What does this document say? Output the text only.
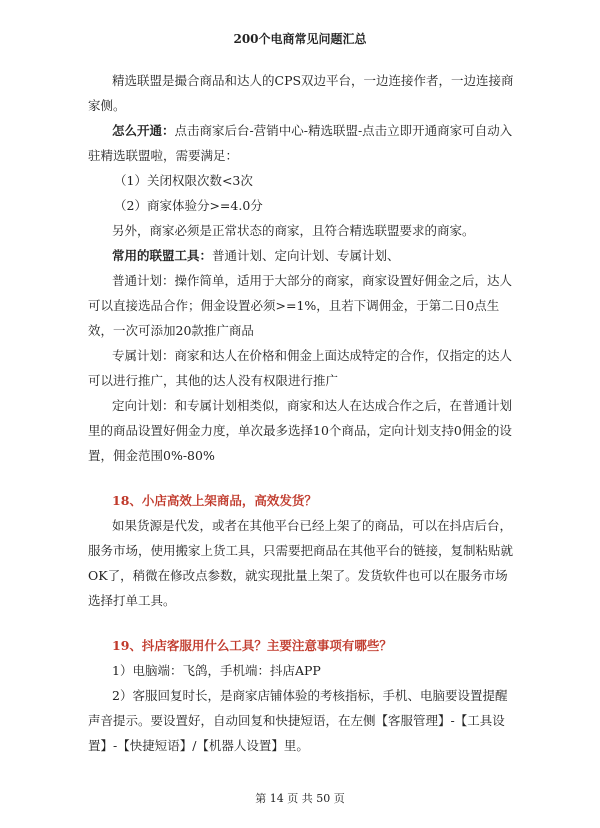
200个电商常见问题汇总

精选联盟是撮合商品和达人的CPS双边平台，一边连接作者，一边连接商家侧。

怎么开通：点击商家后台-营销中心-精选联盟-点击立即开通商家可自动入驻精选联盟啦，需要满足：

（1）关闭权限次数<3次

（2）商家体验分>=4.0分

另外，商家必须是正常状态的商家，且符合精选联盟要求的商家。

常用的联盟工具：普通计划、定向计划、专属计划、

普通计划：操作简单，适用于大部分的商家，商家设置好佣金之后，达人可以直接选品合作；佣金设置必须>=1%，且若下调佣金，于第二日0点生效，一次可添加20款推广商品

专属计划：商家和达人在价格和佣金上面达成特定的合作，仅指定的达人可以进行推广，其他的达人没有权限进行推广

定向计划：和专属计划相类似，商家和达人在达成合作之后，在普通计划里的商品设置好佣金力度，单次最多选择10个商品，定向计划支持0佣金的设置，佣金范围0%-80%

18、小店高效上架商品，高效发货？

如果货源是代发，或者在其他平台已经上架了的商品，可以在抖店后台，服务市场，使用搬家上货工具，只需要把商品在其他平台的链接，复制粘贴就OK了，稍微在修改点参数，就实现批量上架了。发货软件也可以在服务市场选择打单工具。

19、抖店客服用什么工具？主要注意事项有哪些？

1）电脑端：飞鸽，手机端：抖店APP

2）客服回复时长，是商家店铺体验的考核指标，手机、电脑要设置提醒声音提示。要设置好，自动回复和快捷短语，在左侧【客服管理】-【工具设置】-【快捷短语】/【机器人设置】里。

第 14 页 共 50 页
